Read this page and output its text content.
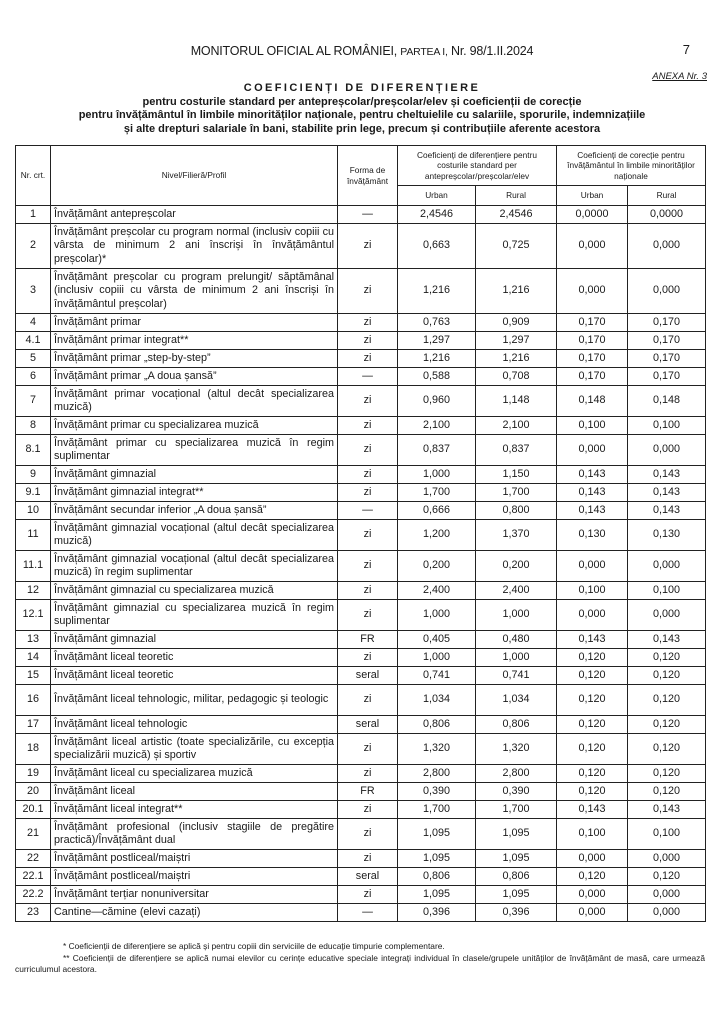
MONITORUL OFICIAL AL ROMÂNIEI, PARTEA I, Nr. 98/1.II.2024	7
ANEXA Nr. 3
COEFICIENȚI DE DIFERENȚIERE
pentru costurile standard per antepreșcolar/preșcolar/elev și coeficienții de corecție
pentru învățământul în limbile minorităților naționale, pentru cheltuielile cu salariile, sporurile, indemnizațiile
și alte drepturi salariale în bani, stabilite prin lege, precum și contribuțiile aferente acestora
Nr. crt.	Nivel/Filieră/Profil	Forma de învățământ	Coeficienți de diferențiere pentru costurile standard per antepreșcolar/preșcolar/elev		Coeficienți de corecție pentru învățământul în limbile minorităților naționale	
			Urban	Rural	Urban	Rural
1	Învățământ antepreșcolar	—	2,4546	2,4546	0,0000	0,0000
2	Învățământ preșcolar cu program normal (inclusiv copiii cu vârsta de minimum 2 ani înscriși în învățământul preșcolar)*	zi	0,663	0,725	0,000	0,000
3	Învățământ preșcolar cu program prelungit/ săptămânal (inclusiv copiii cu vârsta de minimum 2 ani înscriși în învățământul preșcolar)	zi	1,216	1,216	0,000	0,000
4	Învățământ primar	zi	0,763	0,909	0,170	0,170
4.1	Învățământ primar integrat**	zi	1,297	1,297	0,170	0,170
5	Învățământ primar „step-by-step”	zi	1,216	1,216	0,170	0,170
6	Învățământ primar „A doua șansă”	—	0,588	0,708	0,170	0,170
7	Învățământ primar vocațional (altul decât specializarea muzică)	zi	0,960	1,148	0,148	0,148
8	Învățământ primar cu specializarea muzică	zi	2,100	2,100	0,100	0,100
8.1	Învățământ primar cu specializarea muzică în regim suplimentar	zi	0,837	0,837	0,000	0,000
9	Învățământ gimnazial	zi	1,000	1,150	0,143	0,143
9.1	Învățământ gimnazial integrat**	zi	1,700	1,700	0,143	0,143
10	Învățământ secundar inferior „A doua șansă”	—	0,666	0,800	0,143	0,143
11	Învățământ gimnazial vocațional (altul decât specializarea muzică)	zi	1,200	1,370	0,130	0,130
11.1	Învățământ gimnazial vocațional (altul decât specializarea muzică) în regim suplimentar	zi	0,200	0,200	0,000	0,000
12	Învățământ gimnazial cu specializarea muzică	zi	2,400	2,400	0,100	0,100
12.1	Învățământ gimnazial cu specializarea muzică în regim suplimentar	zi	1,000	1,000	0,000	0,000
13	Învățământ gimnazial	FR	0,405	0,480	0,143	0,143
14	Învățământ liceal teoretic	zi	1,000	1,000	0,120	0,120
15	Învățământ liceal teoretic	seral	0,741	0,741	0,120	0,120
16	Învățământ liceal tehnologic, militar, pedagogic și teologic	zi	1,034	1,034	0,120	0,120
17	Învățământ liceal tehnologic	seral	0,806	0,806	0,120	0,120
18	Învățământ liceal artistic (toate specializările, cu excepția specializării muzică) și sportiv	zi	1,320	1,320	0,120	0,120
19	Învățământ liceal cu specializarea muzică	zi	2,800	2,800	0,120	0,120
20	Învățământ liceal	FR	0,390	0,390	0,120	0,120
20.1	Învățământ liceal integrat**	zi	1,700	1,700	0,143	0,143
21	Învățământ profesional (inclusiv stagiile de pregătire practică)/Învățământ dual	zi	1,095	1,095	0,100	0,100
22	Învățământ postliceal/maiștri	zi	1,095	1,095	0,000	0,000
22.1	Învățământ postliceal/maiștri	seral	0,806	0,806	0,120	0,120
22.2	Învățământ terțiar nonuniversitar	zi	1,095	1,095	0,000	0,000
23	Cantine—cămine (elevi cazați)	—	0,396	0,396	0,000	0,000

* Coeficienții de diferențiere se aplică și pentru copiii din serviciile de educație timpurie complementare.

** Coeficienții de diferențiere se aplică numai elevilor cu cerințe educative speciale integrați individual în clasele/grupele unităților de învățământ de masă, care urmează curriculumul acestora.
